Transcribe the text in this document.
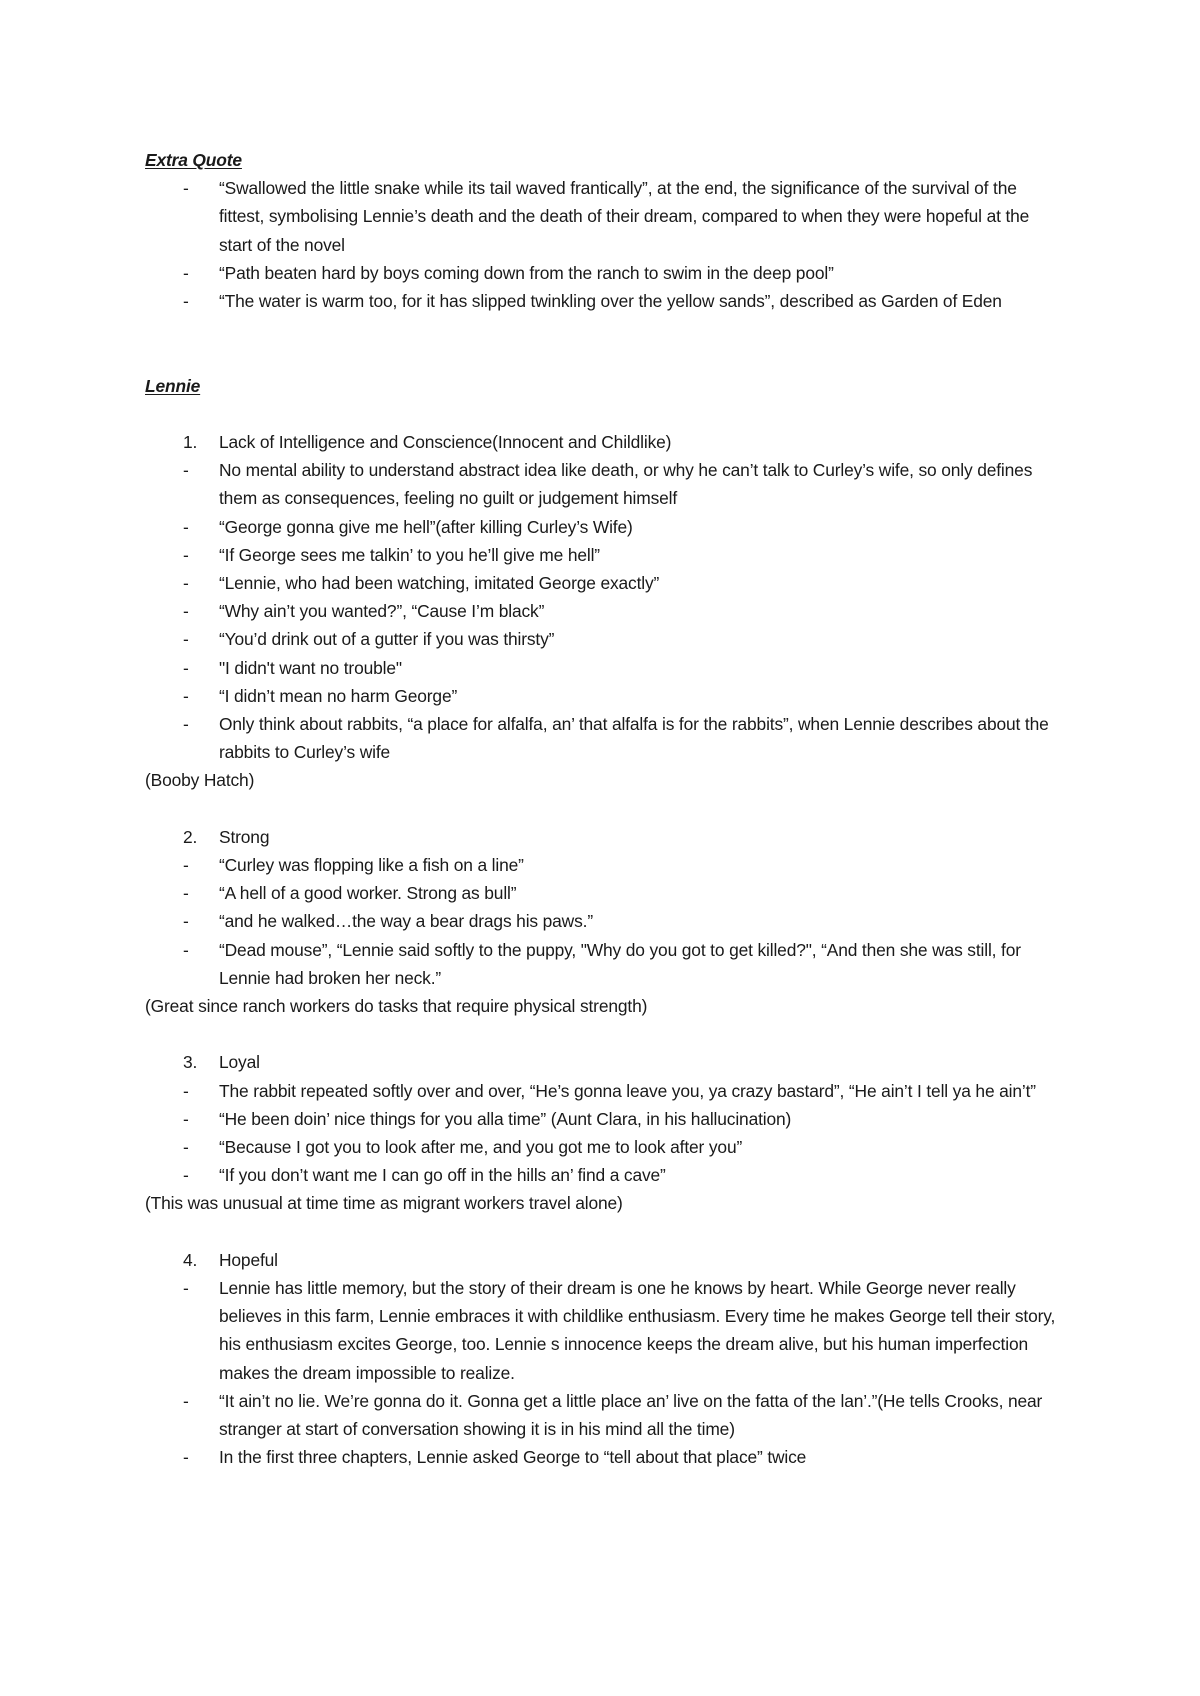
Extra Quote
- “Swallowed the little snake while its tail waved frantically”, at the end, the significance of the survival of the fittest, symbolising Lennie’s death and the death of their dream, compared to when they were hopeful at the start of the novel
- “Path beaten hard by boys coming down from the ranch to swim in the deep pool”
- “The water is warm too, for it has slipped twinkling over the yellow sands”, described as Garden of Eden
Lennie
1. Lack of Intelligence and Conscience(Innocent and Childlike)
- No mental ability to understand abstract idea like death, or why he can’t talk to Curley’s wife, so only defines them as consequences, feeling no guilt or judgement himself
- “George gonna give me hell”(after killing Curley’s Wife)
- “If George sees me talkin’ to you he’ll give me hell”
- “Lennie, who had been watching, imitated George exactly”
- “Why ain’t you wanted?”, “Cause I’m black”
- “You’d drink out of a gutter if you was thirsty”
- "I didn't want no trouble"
- “I didn’t mean no harm George”
- Only think about rabbits, “a place for alfalfa, an’ that alfalfa is for the rabbits”, when Lennie describes about the rabbits to Curley’s wife
(Booby Hatch)
2. Strong
- “Curley was flopping like a fish on a line”
- “A hell of a good worker. Strong as bull”
- “and he walked…the way a bear drags his paws.”
- “Dead mouse”, “Lennie said softly to the puppy, "Why do you got to get killed?", “And then she was still, for Lennie had broken her neck.”
(Great since ranch workers do tasks that require physical strength)
3. Loyal
- The rabbit repeated softly over and over, “He’s gonna leave you, ya crazy bastard”, “He ain’t I tell ya he ain’t”
- “He been doin’ nice things for you alla time” (Aunt Clara, in his hallucination)
- “Because I got you to look after me, and you got me to look after you”
- “If you don’t want me I can go off in the hills an’ find a cave”
(This was unusual at time time as migrant workers travel alone)
4. Hopeful
- Lennie has little memory, but the story of their dream is one he knows by heart. While George never really believes in this farm, Lennie embraces it with childlike enthusiasm. Every time he makes George tell their story, his enthusiasm excites George, too. Lennie s innocence keeps the dream alive, but his human imperfection makes the dream impossible to realize.
- “It ain’t no lie. We’re gonna do it. Gonna get a little place an’ live on the fatta of the lan’.”(He tells Crooks, near stranger at start of conversation showing it is in his mind all the time)
- In the first three chapters, Lennie asked George to “tell about that place” twice
